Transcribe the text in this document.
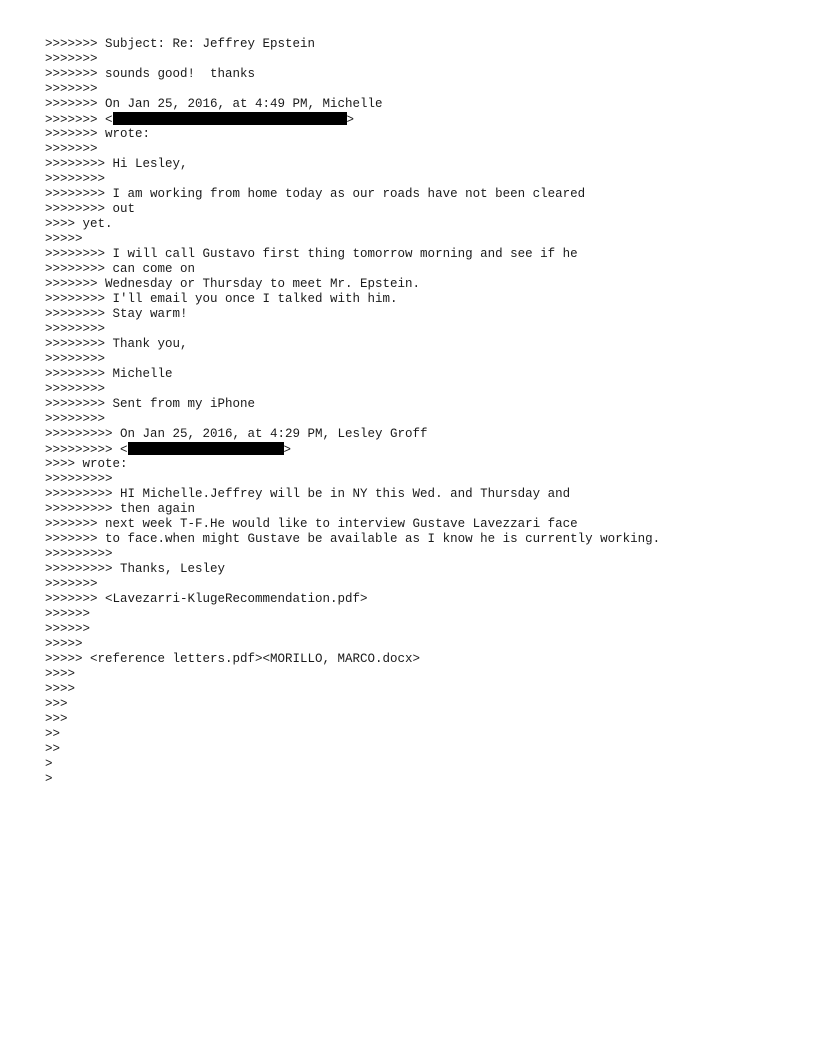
>>>>>>> Subject: Re: Jeffrey Epstein
>>>>>>>
>>>>>>> sounds good!  thanks
>>>>>>>
>>>>>>> On Jan 25, 2016, at 4:49 PM, Michelle
>>>>>>> <	>
>>>>>>> wrote:
>>>>>>>
>>>>>>>> Hi Lesley,
>>>>>>>>
>>>>>>>> I am working from home today as our roads have not been cleared
>>>>>>>> out
>>>> yet.
>>>>>
>>>>>>>> I will call Gustavo first thing tomorrow morning and see if he
>>>>>>>> can come on
>>>>>>> Wednesday or Thursday to meet Mr. Epstein.
>>>>>>>> I'll email you once I talked with him.
>>>>>>>> Stay warm!
>>>>>>>>
>>>>>>>> Thank you,
>>>>>>>>
>>>>>>>> Michelle
>>>>>>>>
>>>>>>>> Sent from my iPhone
>>>>>>>>
>>>>>>>>> On Jan 25, 2016, at 4:29 PM, Lesley Groff
>>>>>>>>> <	>
>>>> wrote:
>>>>>>>>>
>>>>>>>>> HI Michelle.Jeffrey will be in NY this Wed. and Thursday and
>>>>>>>>> then again
>>>>>>> next week T-F.He would like to interview Gustave Lavezzari face
>>>>>>> to face.when might Gustave be available as I know he is currently working.
>>>>>>>>>
>>>>>>>>> Thanks, Lesley
>>>>>>>
>>>>>>> <Lavezarri-KlugeRecommendation.pdf>
>>>>>>
>>>>>>
>>>>>
>>>>> <reference letters.pdf><MORILLO, MARCO.docx>
>>>>
>>>>
>>>
>>>
>>
>>
>
>
